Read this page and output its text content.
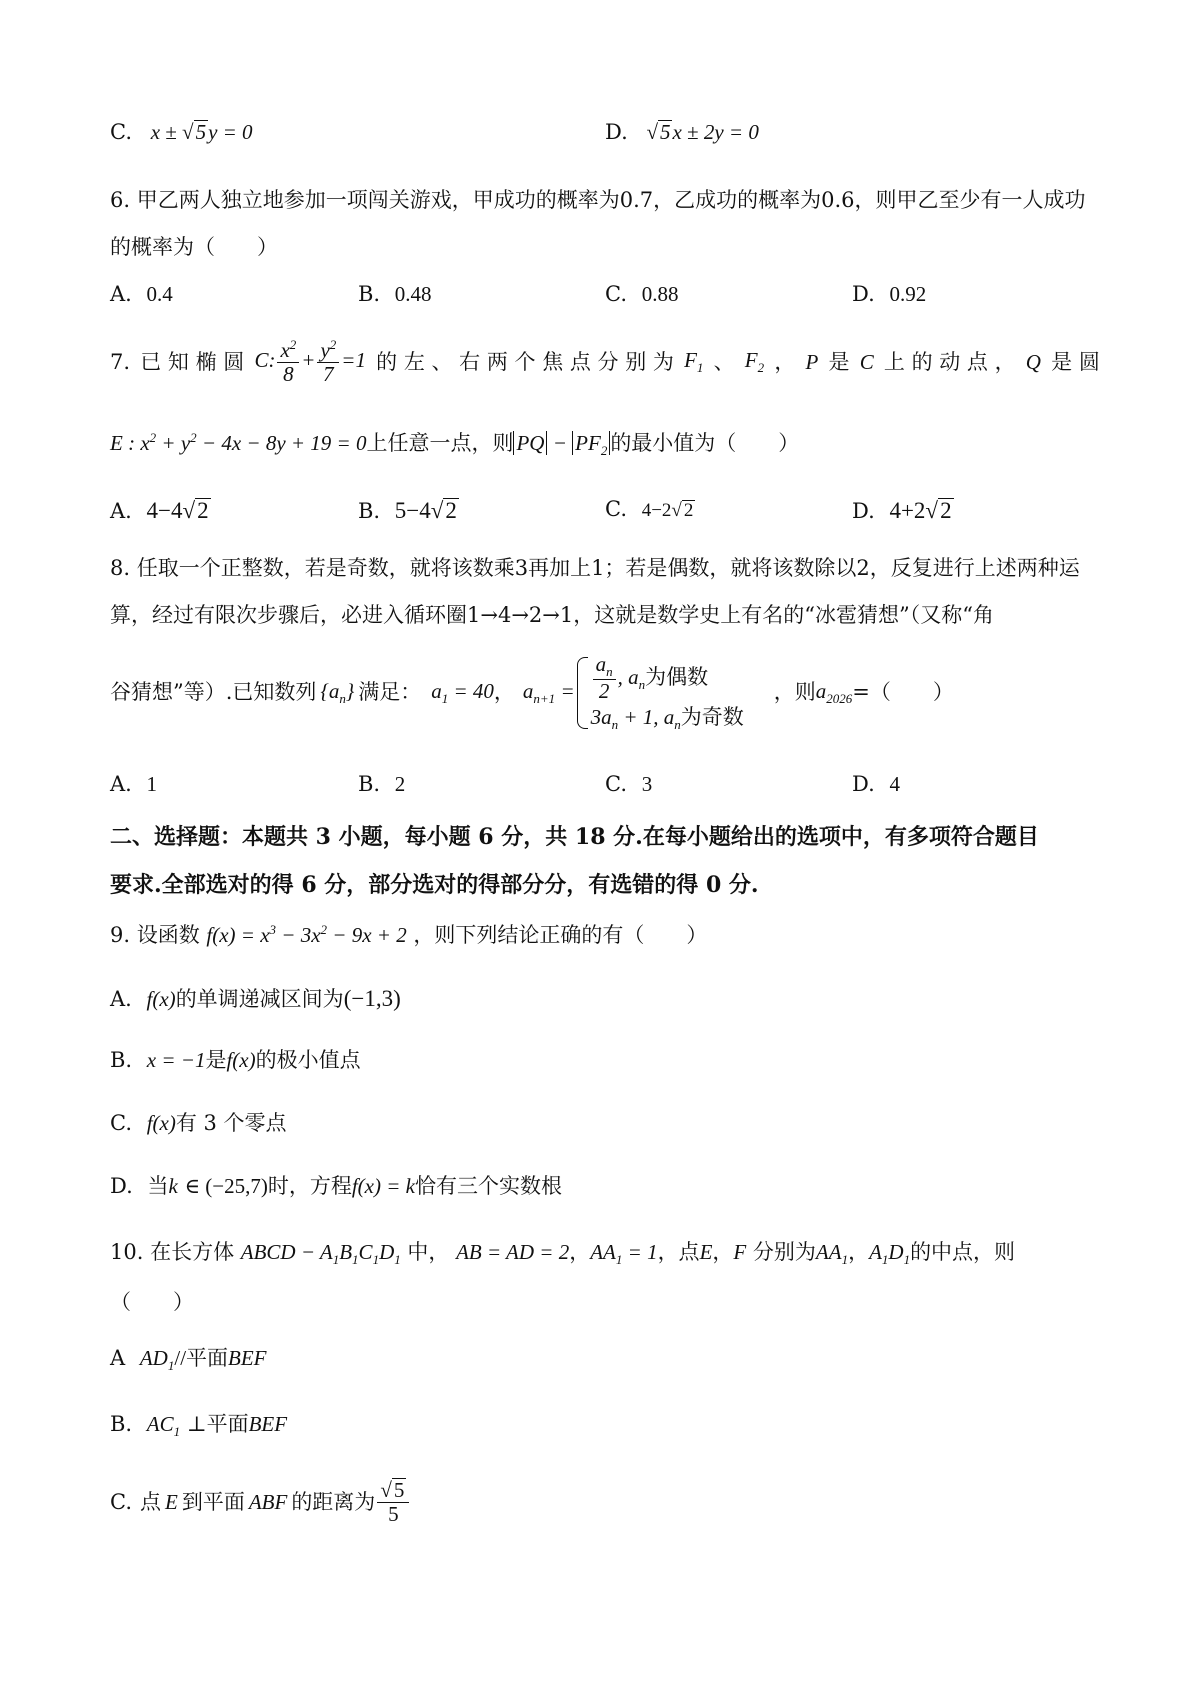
C. x ± √5y = 0	D. √5x ± 2y = 0
6. 甲乙两人独立地参加一项闯关游戏，甲成功的概率为0.7，乙成功的概率为0.6，则甲乙至少有一人成功
的概率为（　　）
A. 0.4	B. 0.48	C. 0.88	D. 0.92
7. 已 知 椭 圆 C: $\frac{x^2}{8} + \frac{y^2}{7} =1$ 的 左 、 右 两 个 焦 点 分 别 为 $F_1$ 、 $F_2$ ， P 是 C 上 的 动 点 ， Q 是 圆
E : $x^2 + y^2 - 4x - 8y + 19 = 0$上任意一点，则 PQ − $PF_2$ 的最小值为（　　）
A. 4−4√2	B. 5−4√2	C. 4−2√ 2	D. 4+2√2
8. 任取一个正整数，若是奇数，就将该数乘3再加上1；若是偶数，就将该数除以2，反复进行上述两种运
算，经过有限次步骤后，必进入循环圈1→4→2→1，这就是数学史上有名的“冰雹猜想”（又称“角
谷猜想”等）.已知数列 $\{a_n\}$ 满足： $a_1 = 40$ ， $a_{n+1} = \frac{a_n}{2}$ , $a_n$为偶数
$3a_n + 1$, $a_n$为奇数
，则 $a_{2026}$ =（　　）
A. 1	B. 2	C. 3	D. 4
二、选择题：本题共 3 小题，每小题 6 分，共 18 分.在每小题给出的选项中，有多项符合题目
要求.全部选对的得 6 分，部分选对的得部分分，有选错的得 0 分.
9. 设函数 $f(x) = x^3 - 3x^2 - 9x + 2$ ，则下列结论正确的有（　　）
A. f(x)的单调递减区间为(−1,3)
B. x = −1是f(x)的极小值点
C. f(x)有 3 个零点
D. 当k ∈ (−25,7)时，方程f(x) = k恰有三个实数根
10. 在长方体 ABCD − $A_1B_1C_1D_1$ 中， AB = AD = 2，$AA_1 = 1$，点E，F 分别为$AA_1$，$A_1D_1$的中点，则
（　　）
A $AD_1//$平面BEF
B. $AC_1$ ⊥平面BEF
C. 点 E 到平面 ABF 的距离为 $\frac{√5}{5}$
